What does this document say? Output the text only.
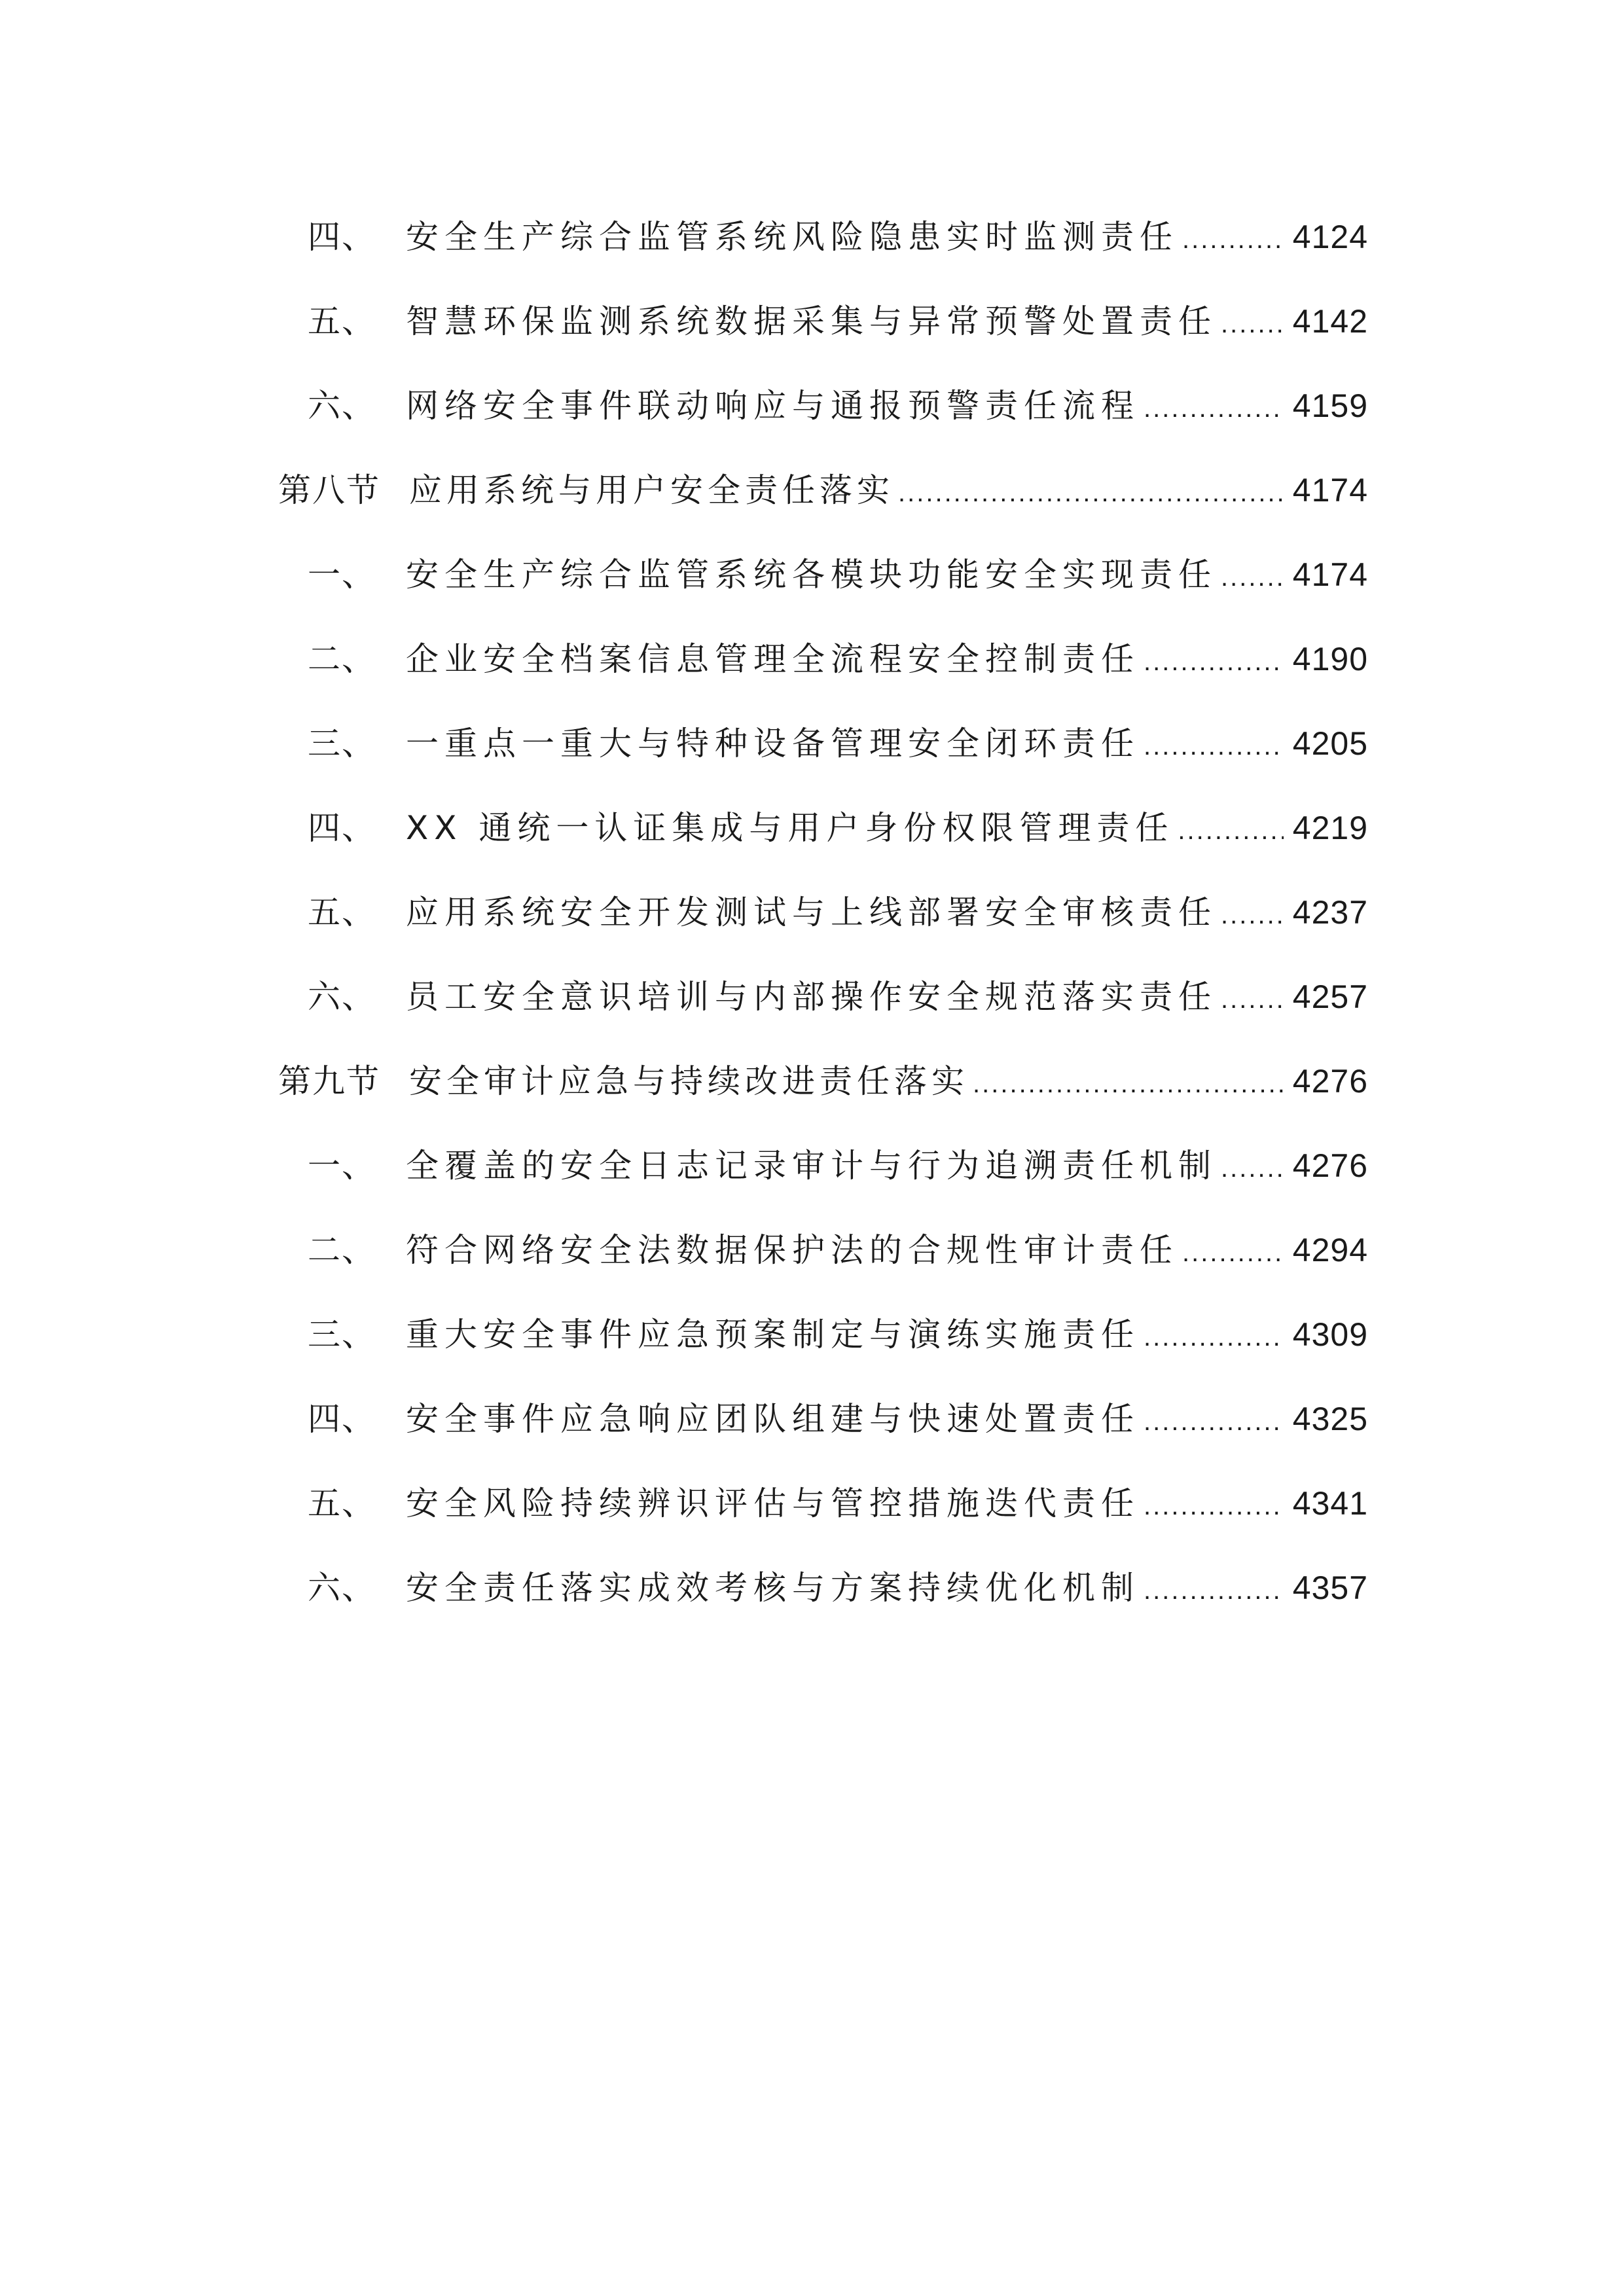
四、 安全生产综合监管系统风险隐患实时监测责任 .....	4124
五、 智慧环保监测系统数据采集与异常预警处置责任 ..... 4142
六、 网络安全事件联动响应与通报预警责任流程 .....	4159
第八节 应用系统与用户安全责任落实 .....	4174
一、 安全生产综合监管系统各模块功能安全实现责任 ..... 4174
二、 企业安全档案信息管理全流程安全控制责任 .....	4190
三、 一重点一重大与特种设备管理安全闭环责任 .....	4205
四、 XX 通统一认证集成与用户身份权限管理责任 .....	4219
五、 应用系统安全开发测试与上线部署安全审核责任 ..... 4237
六、 员工安全意识培训与内部操作安全规范落实责任 ..... 4257
第九节 安全审计应急与持续改进责任落实 .....	4276
一、 全覆盖的安全日志记录审计与行为追溯责任机制 ..... 4276
二、 符合网络安全法数据保护法的合规性审计责任 .....	4294
三、 重大安全事件应急预案制定与演练实施责任 .....	4309
四、 安全事件应急响应团队组建与快速处置责任 .....	4325
五、 安全风险持续辨识评估与管控措施迭代责任 .....	4341
六、 安全责任落实成效考核与方案持续优化机制 .....	4357
